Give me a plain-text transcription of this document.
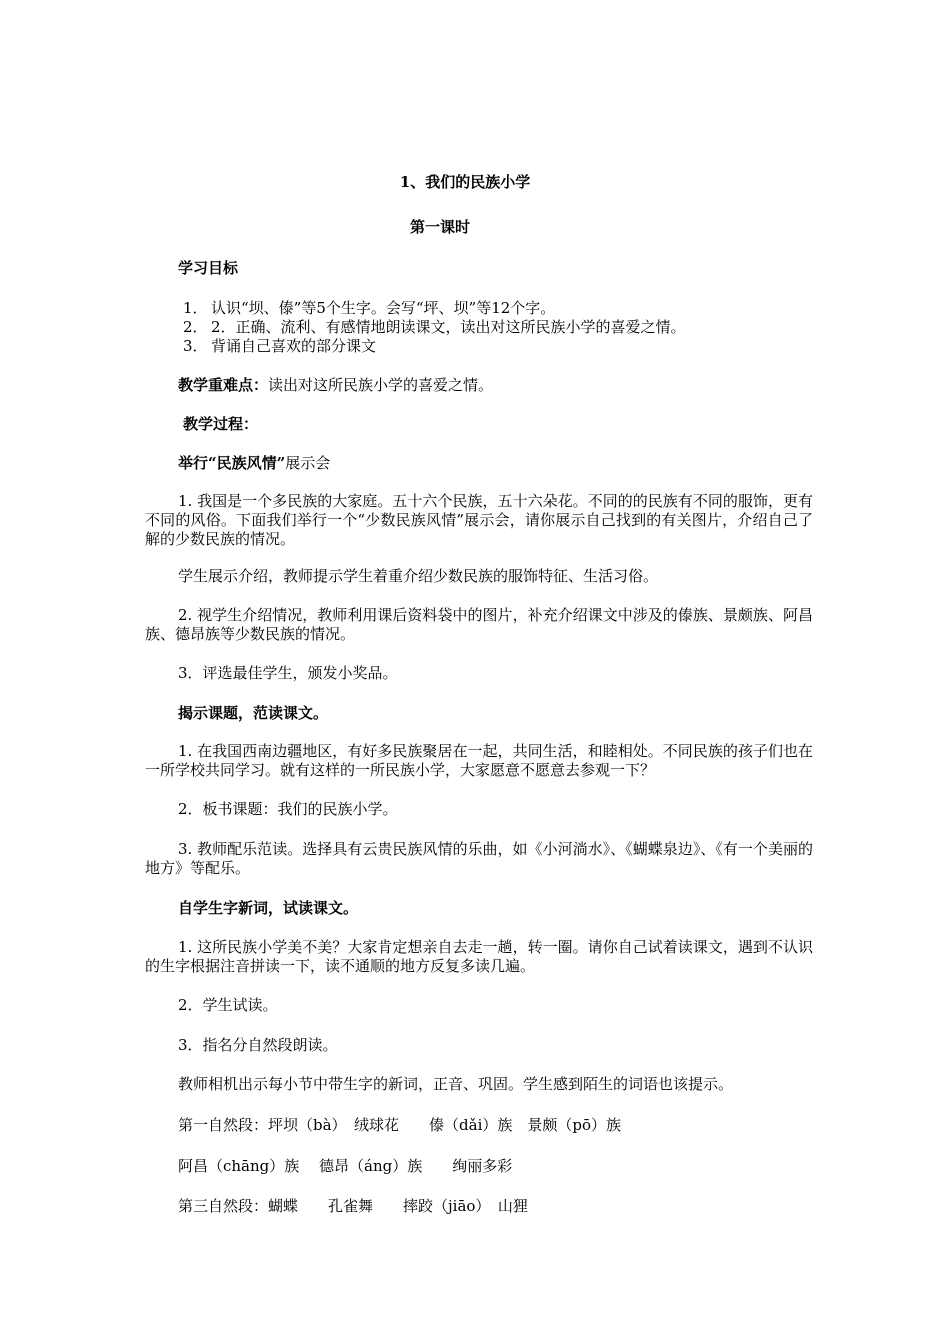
1、我们的民族小学
第一课时
学习目标
1． 认识“坝、傣”等5个生字。会写“坪、坝”等12个字。
2． 2．正确、流利、有感情地朗读课文，读出对这所民族小学的喜爱之情。
3． 背诵自己喜欢的部分课文
教学重难点：读出对这所民族小学的喜爱之情。
教学过程：
举行“民族风情”展示会
1. 我国是一个多民族的大家庭。五十六个民族，五十六朵花。不同的的民族有不同的服饰，更有不同的风俗。下面我们举行一个“少数民族风情”展示会，请你展示自己找到的有关图片，介绍自己了解的少数民族的情况。
学生展示介绍，教师提示学生着重介绍少数民族的服饰特征、生活习俗。
2. 视学生介绍情况，教师利用课后资料袋中的图片，补充介绍课文中涉及的傣族、景颇族、阿昌族、德昂族等少数民族的情况。
3．评选最佳学生，颁发小奖品。
揭示课题，范读课文。
1. 在我国西南边疆地区，有好多民族聚居在一起，共同生活，和睦相处。不同民族的孩子们也在一所学校共同学习。就有这样的一所民族小学，大家愿意不愿意去参观一下？
2．板书课题：我们的民族小学。
3. 教师配乐范读。选择具有云贵民族风情的乐曲，如《小河淌水》、《蝴蝶泉边》、《有一个美丽的地方》等配乐。
自学生字新词，试读课文。
1. 这所民族小学美不美？大家肯定想亲自去走一趟，转一圈。请你自己试着读课文，遇到不认识的生字根据注音拼读一下，读不通顺的地方反复多读几遍。
2．学生试读。
3．指名分自然段朗读。
教师相机出示每小节中带生字的新词，正音、巩固。学生感到陌生的词语也该提示。
第一自然段：坪坝（bà）　绒球花　　傣（dǎi）族　景颇（pō）族
阿昌（chāng）族　 德昂（áng）族　　绚丽多彩
第三自然段：蝴蝶　　孔雀舞　　摔跤（jiāo）　山狸
